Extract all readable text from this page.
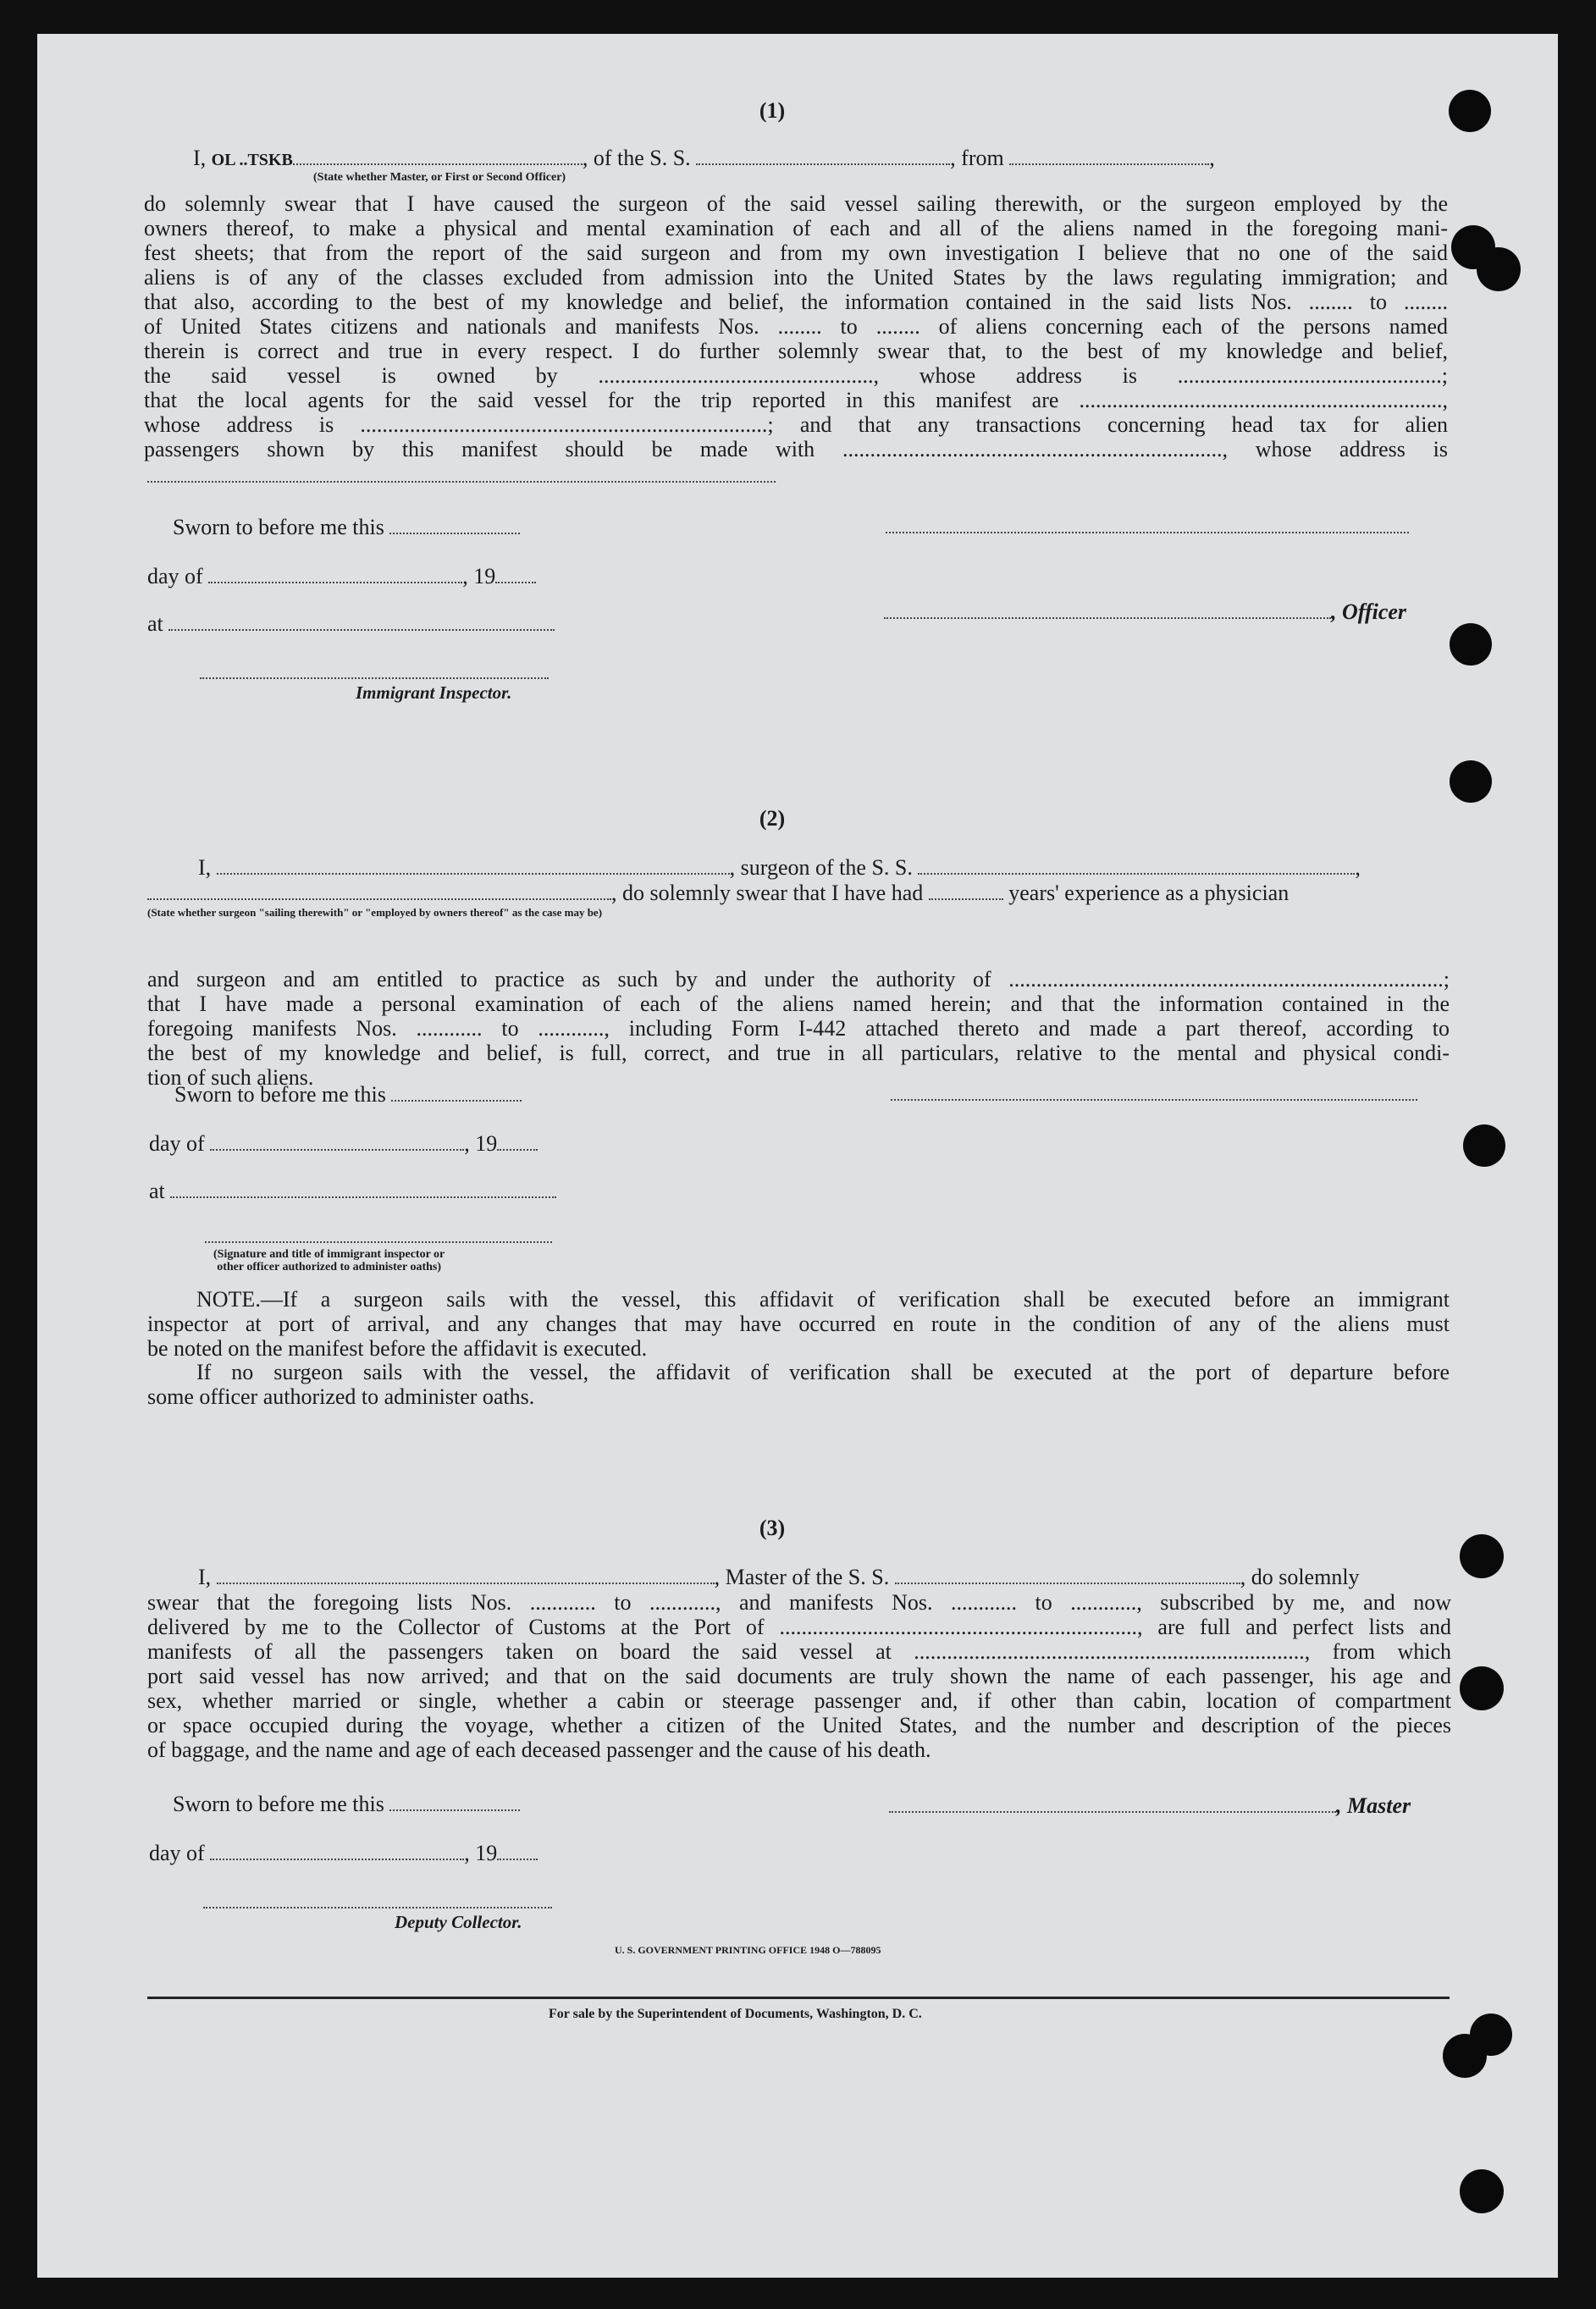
(1)
I, OL ..TSKB	, of the S. S.	, from	,
(State whether Master, or First or Second Officer)
do solemnly swear that I have caused the surgeon of the said vessel sailing therewith, or the surgeon employed by the
owners thereof, to make a physical and mental examination of each and all of the aliens named in the foregoing mani-
fest sheets; that from the report of the said surgeon and from my own investigation I believe that no one of the said
aliens is of any of the classes excluded from admission into the United States by the laws regulating immigration; and
that also, according to the best of my knowledge and belief, the information contained in the said lists Nos. ........ to ........
of United States citizens and nationals and manifests Nos. ........ to ........ of aliens concerning each of the persons named
therein is correct and true in every respect. I do further solemnly swear that, to the best of my knowledge and belief,
the said vessel is owned by .................................................., whose address is ................................................;
that the local agents for the said vessel for the trip reported in this manifest are ..................................................................,
whose address is ..........................................................................; and that any transactions concerning head tax for alien
passengers shown by this manifest should be made with ....................................................................., whose address is
Sworn to before me this
day of	, 19
, Officer
at
Immigrant Inspector.
(2)
I,	, surgeon of the S. S.	,
, do solemnly swear that I have had	years' experience as a physician
(State whether surgeon "sailing therewith" or "employed by owners thereof" as the case may be)
and surgeon and am entitled to practice as such by and under the authority of ...............................................................................;
that I have made a personal examination of each of the aliens named herein; and that the information contained in the
foregoing manifests Nos. ............ to ............, including Form I-442 attached thereto and made a part thereof, according to
the best of my knowledge and belief, is full, correct, and true in all particulars, relative to the mental and physical condi-
tion of such aliens.
Sworn to before me this
day of	, 19
at
(Signature and title of immigrant inspector or
other officer authorized to administer oaths)
NOTE.—If a surgeon sails with the vessel, this affidavit of verification shall be executed before an immigrant
inspector at port of arrival, and any changes that may have occurred en route in the condition of any of the aliens must
be noted on the manifest before the affidavit is executed.
If no surgeon sails with the vessel, the affidavit of verification shall be executed at the port of departure before
some officer authorized to administer oaths.
(3)
I,	, Master of the S. S.	, do solemnly
swear that the foregoing lists Nos. ............ to ............, and manifests Nos. ............ to ............, subscribed by me, and now
delivered by me to the Collector of Customs at the Port of ................................................................., are full and perfect lists and
manifests of all the passengers taken on board the said vessel at ......................................................................., from which
port said vessel has now arrived; and that on the said documents are truly shown the name of each passenger, his age and
sex, whether married or single, whether a cabin or steerage passenger and, if other than cabin, location of compartment
or space occupied during the voyage, whether a citizen of the United States, and the number and description of the pieces
of baggage, and the name and age of each deceased passenger and the cause of his death.
Sworn to before me this	, Master
day of	, 19
Deputy Collector.
U. S. GOVERNMENT PRINTING OFFICE 1948 O—788095
For sale by the Superintendent of Documents, Washington, D. C.
